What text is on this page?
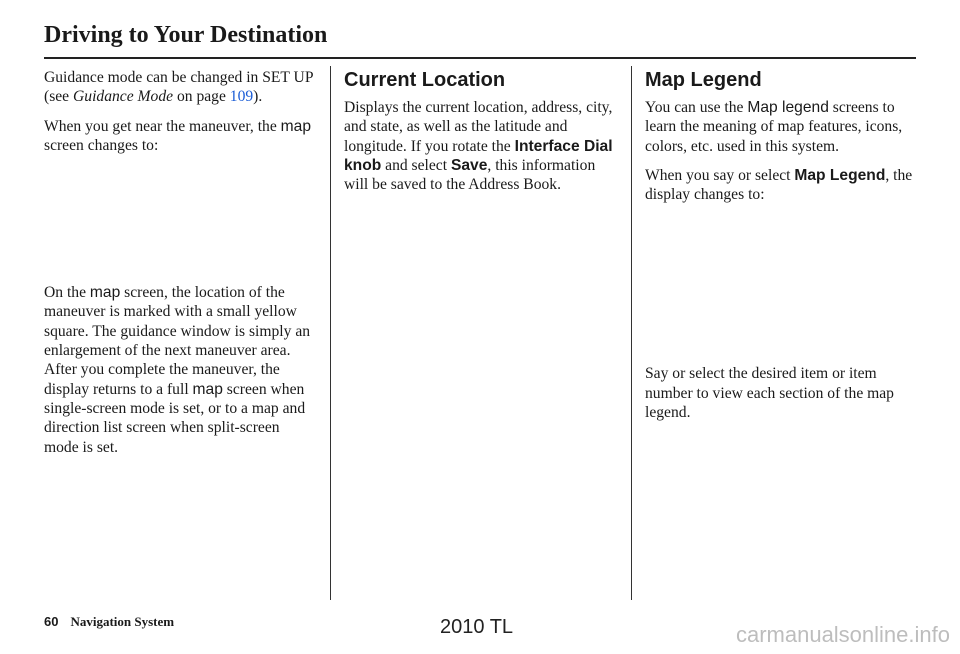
Driving to Your Destination

Guidance mode can be changed in SET UP (see Guidance Mode on page 109).

When you get near the maneuver, the map screen changes to:

On the map screen, the location of the maneuver is marked with a small yellow square. The guidance window is simply an enlargement of the next maneuver area. After you complete the maneuver, the display returns to a full map screen when single-screen mode is set, or to a map and direction list screen when split-screen mode is set.

Current Location

Displays the current location, address, city, and state, as well as the latitude and longitude. If you rotate the Interface Dial knob and select Save, this information will be saved to the Address Book.

Map Legend

You can use the Map legend screens to learn the meaning of map features, icons, colors, etc. used in this system.

When you say or select Map Legend, the display changes to:

Say or select the desired item or item number to view each section of the map legend.

60 Navigation System	2010 TL	carmanualsonline.info
